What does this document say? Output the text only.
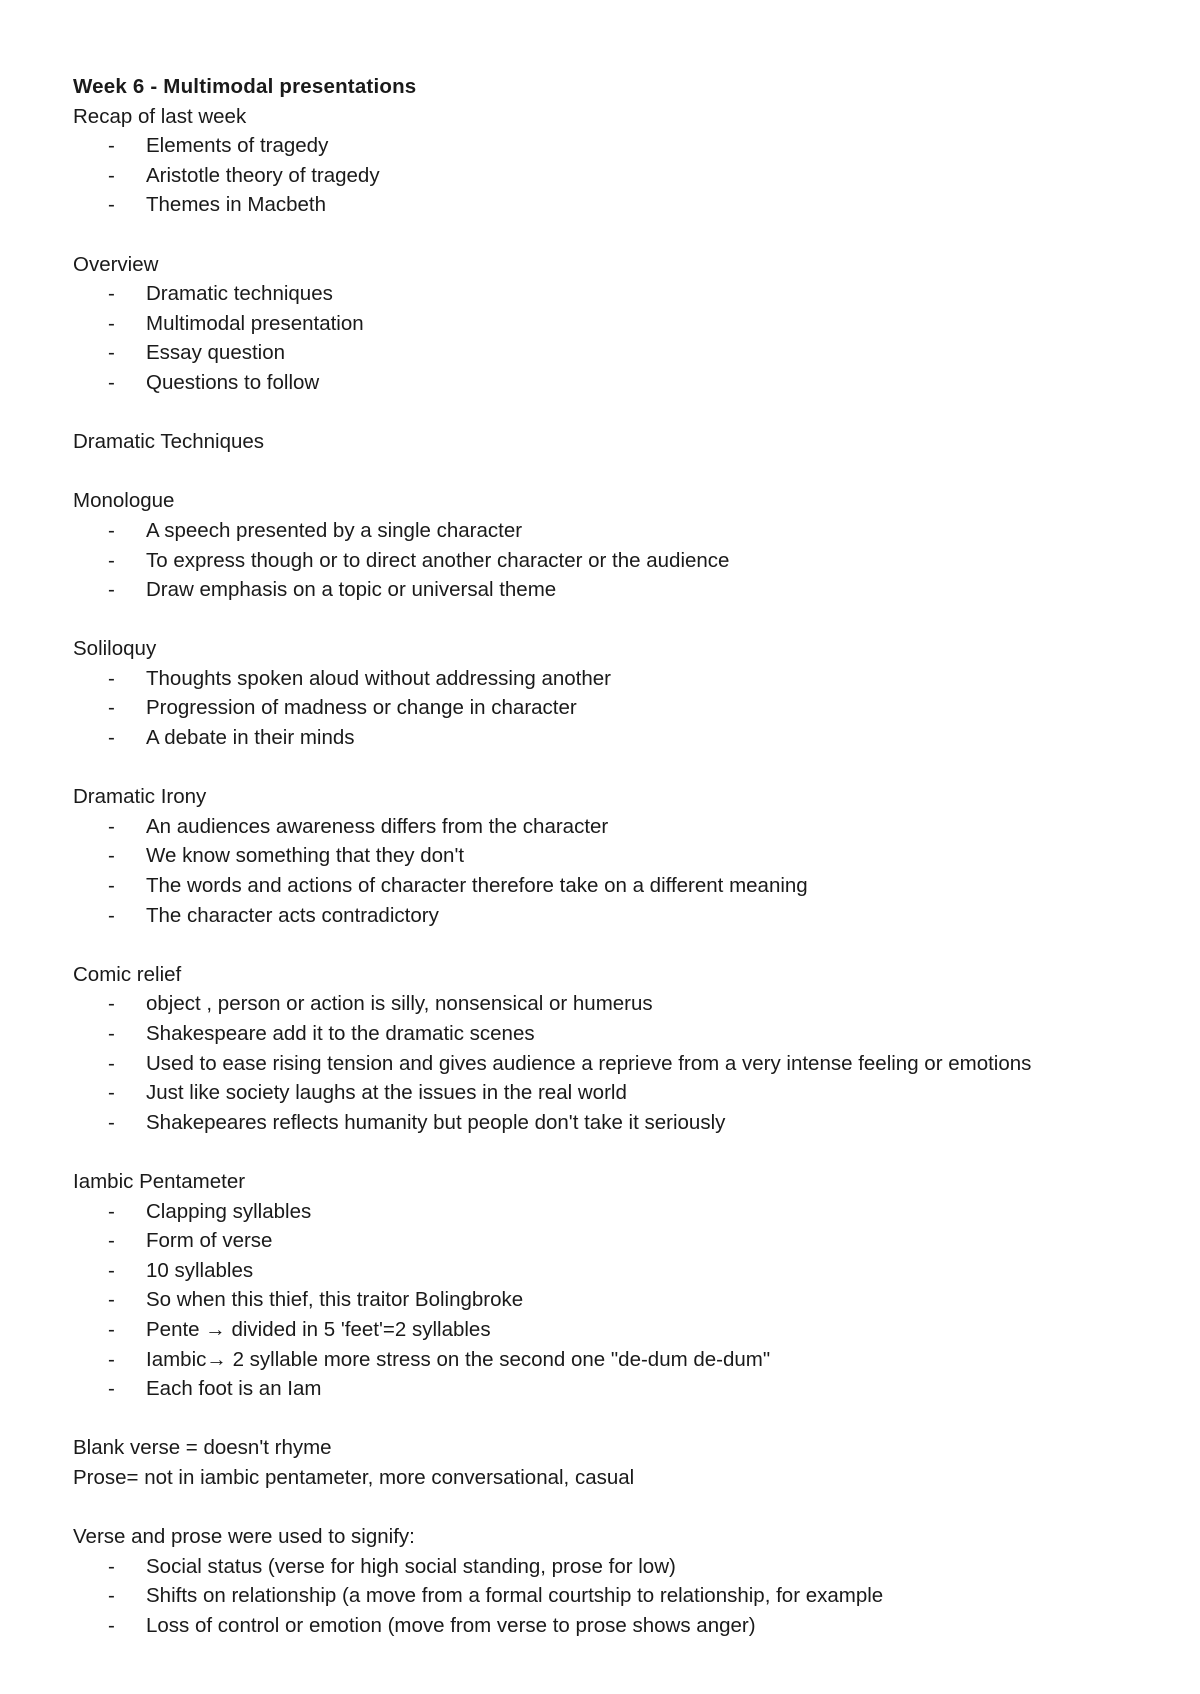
Week 6 - Multimodal presentations
Recap of last week
- Elements of tragedy
- Aristotle theory of tragedy
- Themes in Macbeth
Overview
- Dramatic techniques
- Multimodal presentation
- Essay question
- Questions to follow
Dramatic Techniques
Monologue
- A speech presented by a single character
- To express though or to direct another character or the audience
- Draw emphasis on a topic or universal theme
Soliloquy
- Thoughts spoken aloud without addressing another
- Progression of madness or change in character
- A debate in their minds
Dramatic Irony
- An audiences awareness differs from the character
- We know something that they don't
- The words and actions of character therefore take on a different meaning
- The character acts contradictory
Comic relief
- object , person or action is silly, nonsensical or humerus
- Shakespeare add it to the dramatic scenes
- Used to ease rising tension and gives audience a reprieve from a very intense feeling or emotions
- Just like society laughs at the issues in the real world
- Shakepeares reflects humanity but people don't take it seriously
Iambic Pentameter
- Clapping syllables
- Form of verse
- 10 syllables
- So when this thief, this traitor Bolingbroke
- Pente → divided in 5 'feet'=2 syllables
- Iambic→ 2 syllable more stress on the second one "de-dum de-dum"
- Each foot is an Iam
Blank verse = doesn't rhyme
Prose= not in iambic pentameter, more conversational, casual
Verse and prose were used to signify:
- Social status (verse for high social standing, prose for low)
- Shifts on relationship (a move from a formal courtship to relationship, for example
- Loss of control or emotion (move from verse to prose shows anger)
